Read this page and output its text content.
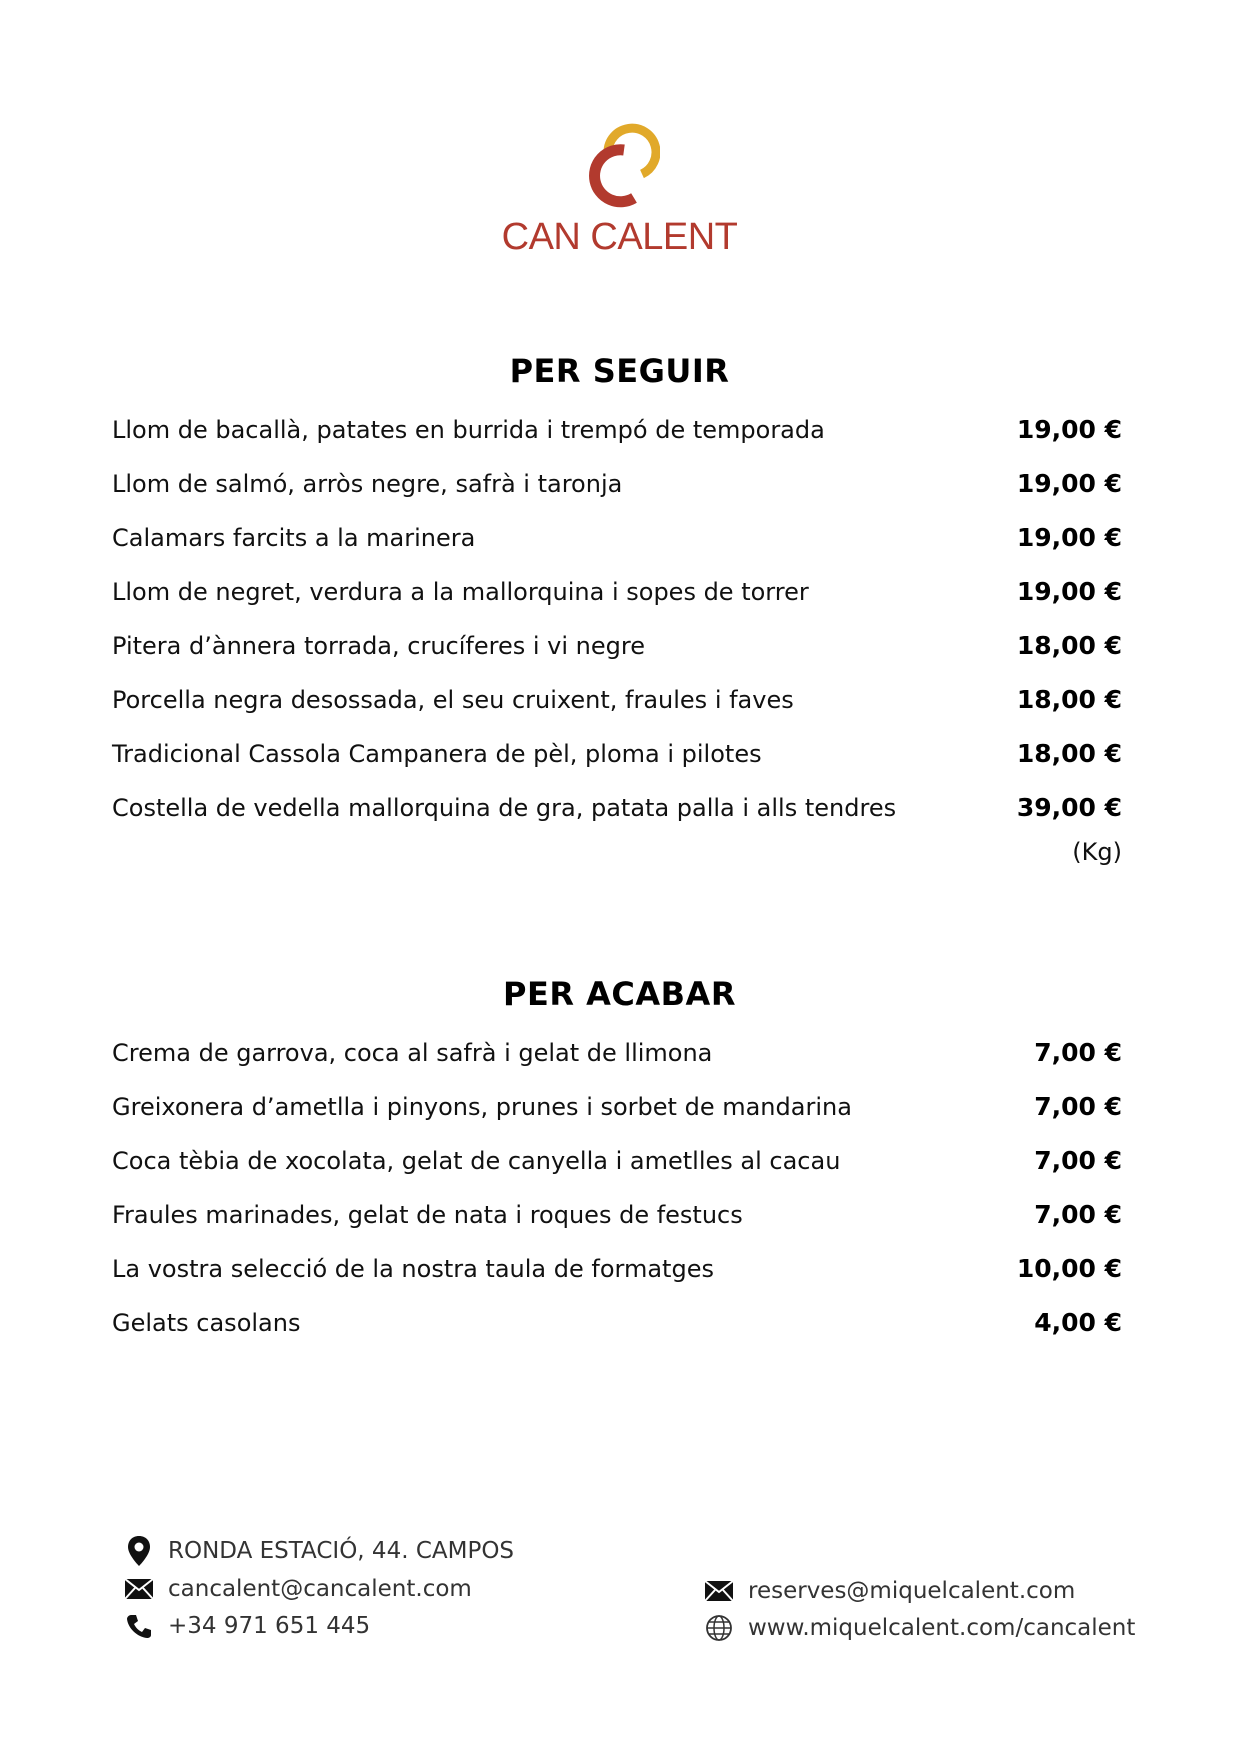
CAN CALENT
PER SEGUIR
Llom de bacallà, patates en burrida i trempó de temporada	19,00 €
Llom de salmó, arròs negre, safrà i taronja	19,00 €
Calamars farcits a la marinera	19,00 €
Llom de negret, verdura a la mallorquina i sopes de torrer	19,00 €
Pitera d’ànnera torrada, crucíferes i vi negre	18,00 €
Porcella negra desossada, el seu cruixent, fraules i faves	18,00 €
Tradicional Cassola Campanera de pèl, ploma i pilotes	18,00 €
Costella de vedella mallorquina de gra, patata palla i alls tendres	39,00 €
(Kg)
PER ACABAR
Crema de garrova, coca al safrà i gelat de llimona	7,00 €
Greixonera d’ametlla i pinyons, prunes i sorbet de mandarina	7,00 €
Coca tèbia de xocolata, gelat de canyella i ametlles al cacau	7,00 €
Fraules marinades, gelat de nata i roques de festucs	7,00 €
La vostra selecció de la nostra taula de formatges	10,00 €
Gelats casolans	4,00 €
RONDA ESTACIÓ, 44. CAMPOS
cancalent@cancalent.com
+34 971 651 445
reserves@miquelcalent.com
www.miquelcalent.com/cancalent
